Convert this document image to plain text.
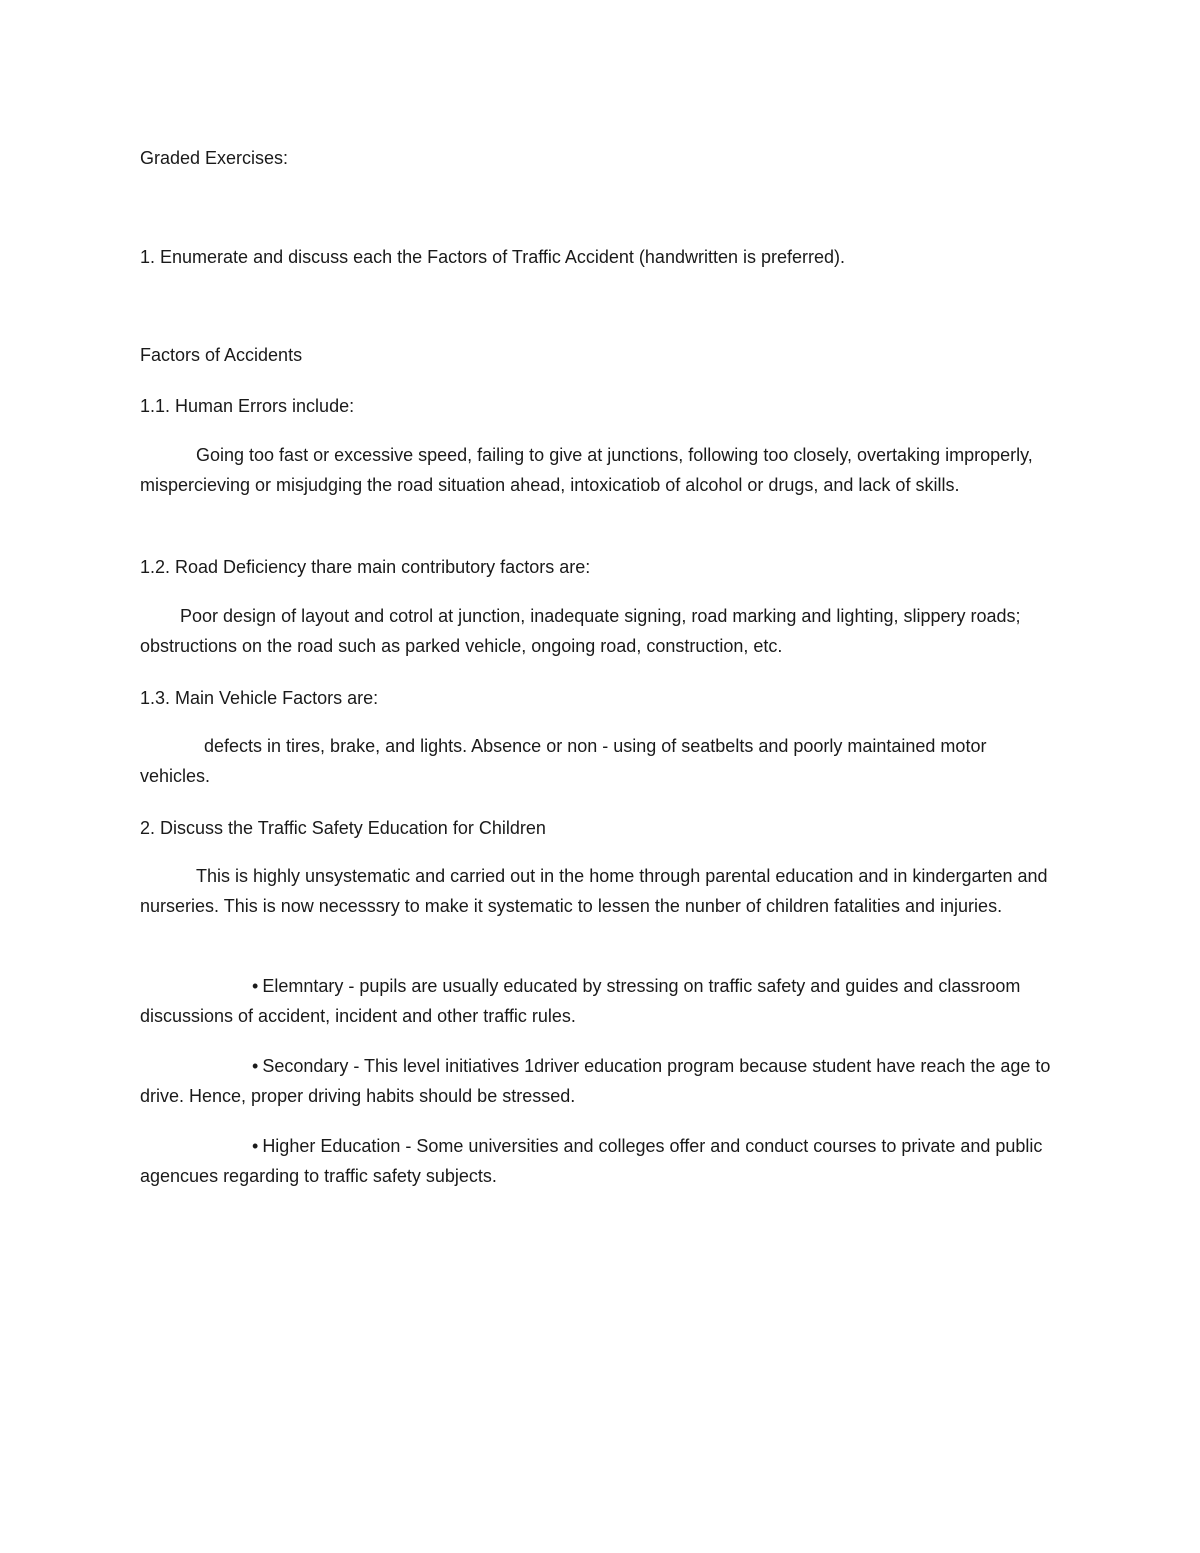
Graded Exercises:
1. Enumerate and discuss each the Factors of Traffic Accident (handwritten is preferred).
Factors of Accidents
1.1. Human Errors include:
Going too fast or excessive speed, failing to give at junctions, following too closely, overtaking improperly, mispercieving or misjudging the road situation ahead, intoxicatiob of alcohol or drugs, and lack of skills.
1.2. Road Deficiency thare main contributory factors are:
Poor design of layout and cotrol at junction, inadequate signing, road marking and lighting, slippery roads; obstructions on the road such as parked vehicle, ongoing road, construction, etc.
1.3. Main Vehicle Factors are:
defects in tires, brake, and lights. Absence or non - using of seatbelts and poorly maintained motor vehicles.
2. Discuss the Traffic Safety Education for Children
This is highly unsystematic and carried out in the home through parental education and in kindergarten and nurseries. This is now necesssry to make it systematic to lessen the nunber of children fatalities and injuries.
• Elemntary - pupils are usually educated by stressing on traffic safety and guides and classroom discussions of accident, incident and other traffic rules.
• Secondary - This level initiatives 1driver education program because student have reach the age to drive. Hence, proper driving habits should be stressed.
• Higher Education - Some universities and colleges offer and conduct courses to private and public agencues regarding to traffic safety subjects.
